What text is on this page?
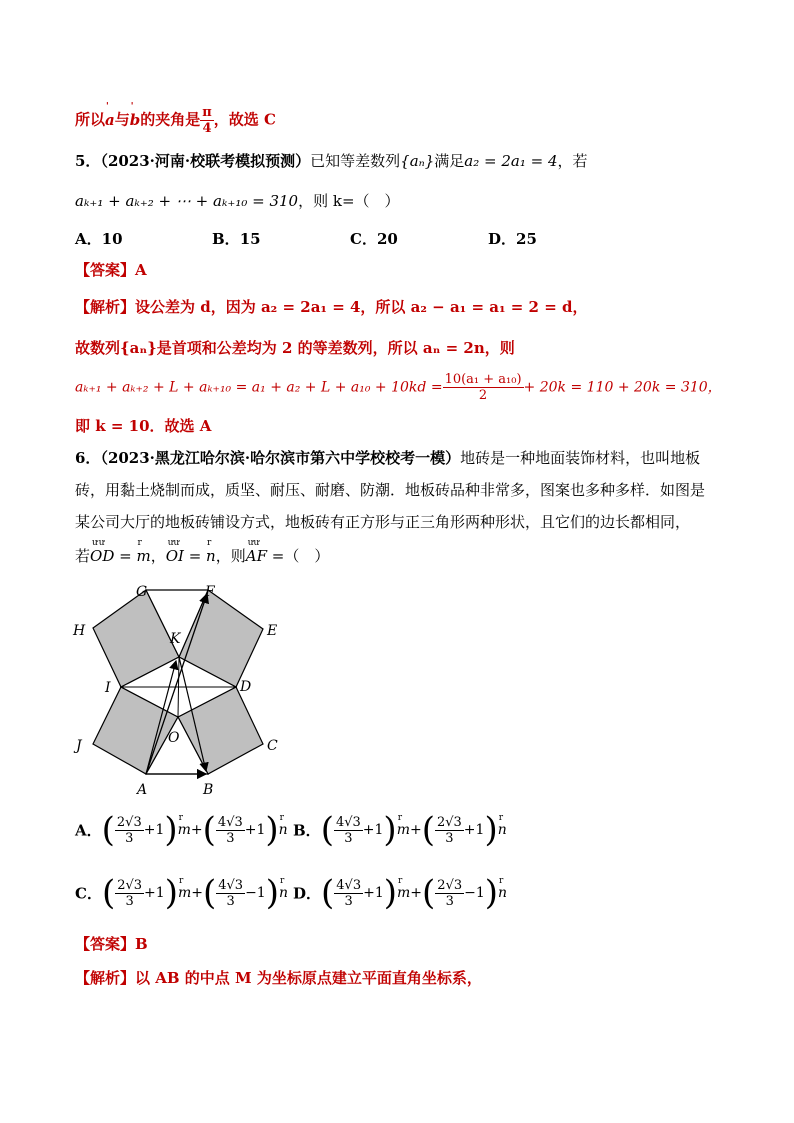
所以
'
a与
'
b的夹角是 $\frac{\pi}{4}$ ，故选 C
5．（2023·河南·校联考模拟预测）已知等差数列{aₙ}满足a₂ = 2a₁ = 4，若
aₖ₊₁ + aₖ₊₂ + ⋯ + aₖ₊₁₀ = 310，则 k=（　）
A．10	B．15	C．20	D．25
【答案】A
【解析】设公差为 d，因为 a₂ = 2a₁ = 4，所以 a₂ − a₁ = a₁ = 2 = d，
故数列{aₙ}是首项和公差均为 2 的等差数列，所以 aₙ = 2n，则
$a_{k+1} + a_{k+2} + L + a_{k+10} = a_1 + a_2 + L + a_{10} + 10kd = \frac{\text{10(a₁ + a₁₀)}}{2} + 20k = 110 + 20k = 310$，
即 k = 10．故选 A
6．（2023·黑龙江哈尔滨·哈尔滨市第六中学校校考一模）地砖是一种地面装饰材料，也叫地板
砖，用黏土烧制而成，质坚、耐压、耐磨、防潮．地板砖品种非常多，图案也多种多样．如图是
某公司大厅的地板砖铺设方式，地板砖有正方形与正三角形两种形状，且它们的边长都相同，
若
ưư
OD =
r
m，
ưư
OI =
r
n，则
ưư
AF =（　）
G	F
H	E
K
I	D
J	O	C
A	B
A．( $\frac{2√3}{3} +1$) r
$m+( \frac{4√3}{3} +1)$ r
n B．( $\frac{4√3}{3} +1$) r
$m+( \frac{2√3}{3} +1)$ r
n
C．( $\frac{2√3}{3} +1$) r
$m+( \frac{4√3}{3} -1)$ r
n D．( $\frac{4√3}{3} +1$) r
$m+( \frac{2√3}{3} -1)$ r
n
【答案】B
【解析】以 AB 的中点 M 为坐标原点建立平面直角坐标系，
